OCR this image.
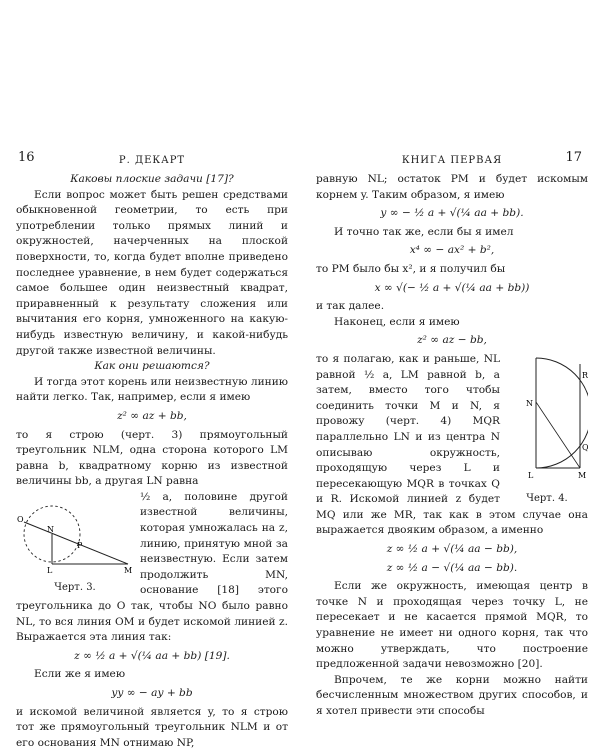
16	Р. ДЕКАРТ

Каковы плоские задачи [17]?

Если вопрос может быть решен средствами обыкновенной геометрии, то есть при употреблении только прямых линий и окружностей, начерченных на плоской поверхности, то, когда будет вполне приведено последнее уравнение, в нем будет содержаться самое большее один неизвестный квадрат, приравненный к результату сложения или вычитания его корня, умноженного на какую-нибудь известную величину, и какой-нибудь другой также известной величины.

Как они решаются?

И тогда этот корень или неизвестную линию найти легко. Так, например, если я имею

z² ∞ az + bb,

то я строю (черт. 3) прямоугольный треугольник NLM, одна сторона которого LM равна b, квадратному корню из известной величины bb, а другая LN равна

O
N
P
L	M
Черт. 3.

½ a, половине другой известной величины, которая умножалась на z, линию, принятую мной за неизвестную. Если затем продолжить MN, основание [18] этого треугольника до O так, чтобы NO было равно NL, то вся линия OM и будет искомой линией z. Выражается эта линия так:

z ∞ ½ a + √(¼ aa + bb) [19].

Если же я имею

yy ∞ − ay + bb

и искомой величиной является y, то я строю тот же прямоугольный треугольник NLM и от его основания MN отнимаю NP,

КНИГА ПЕРВАЯ	17

равную NL; остаток PM и будет искомым корнем y. Таким образом, я имею

y ∞ − ½ a + √(¼ aa + bb).

И точно так же, если бы я имел

x⁴ ∞ − ax² + b²,

то PM было бы x², и я получил бы

x ∞ √(− ½ a + √(¼ aa + bb))

и так далее.

Наконец, если я имею

z² ∞ az − bb,

N
R
Q
L	M
Черт. 4.

то я полагаю, как и раньше, NL равной ½ a, LM равной b, а затем, вместо того чтобы соединить точки M и N, я провожу (черт. 4) MQR параллельно LN и из центра N описываю окружность, проходящую через L и пересекающую MQR в точках Q и R. Искомой линией z будет MQ или же MR, так как в этом случае она выражается двояким образом, а именно

z ∞ ½ a + √(¼ aa − bb),

z ∞ ½ a − √(¼ aa − bb).

Если же окружность, имеющая центр в точке N и проходящая через точку L, не пересекает и не касается прямой MQR, то уравнение не имеет ни одного корня, так что можно утверждать, что построение предложенной задачи невозможно [20].

Впрочем, те же корни можно найти бесчисленным множеством других способов, и я хотел привести эти способы
